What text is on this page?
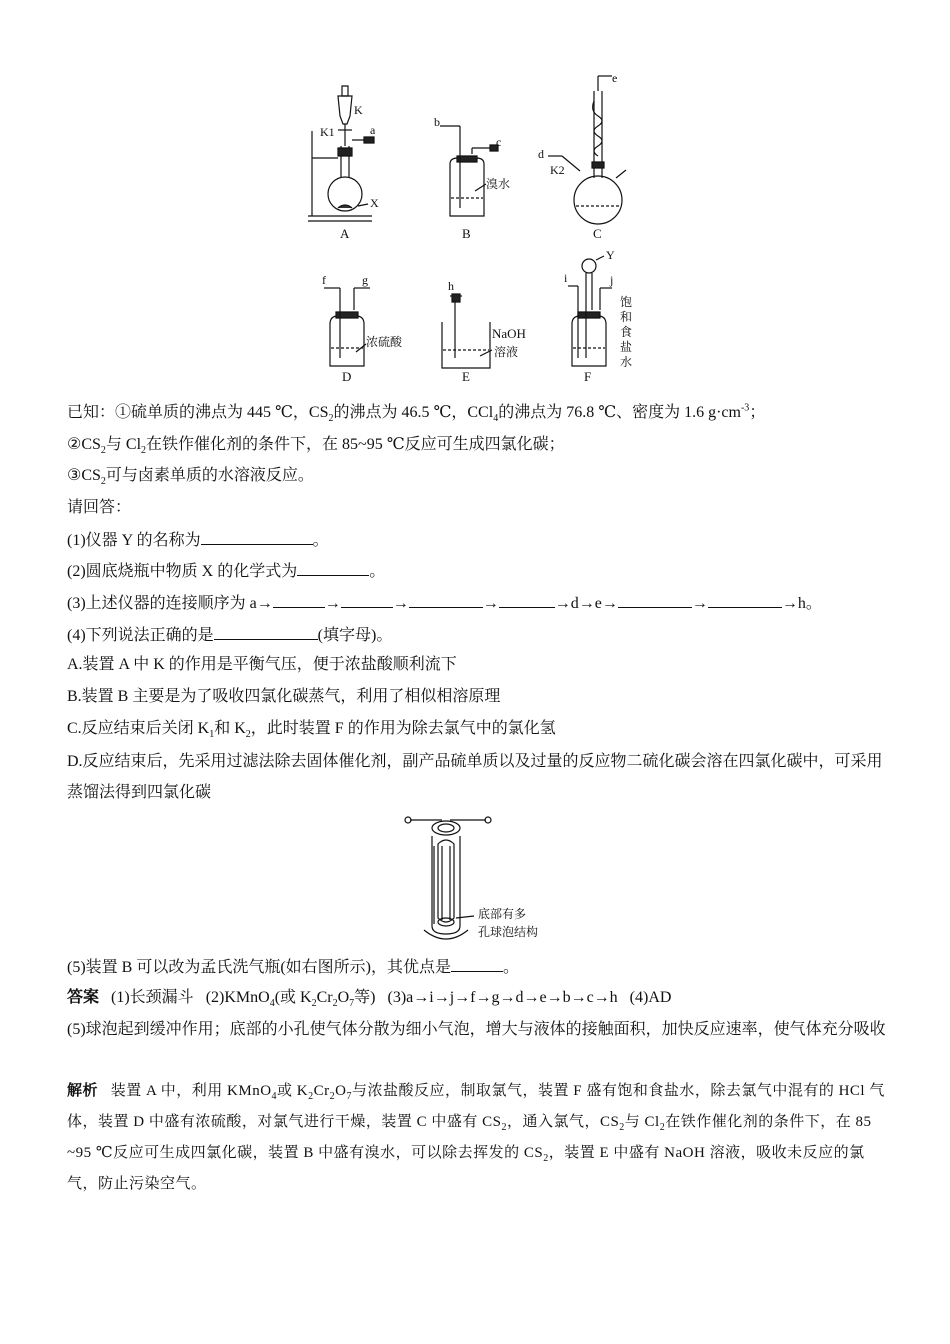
K
K1	a
X
A
b
c
溴水
B
e
d
K2
C
f	g
浓硫酸
D
h
NaOH
溶液
E
i	j
Y
饱
和
食
盐
水
F
已知：①硫单质的沸点为 445 ℃，$CS_2$的沸点为 46.5 ℃，CCl$_4$的沸点为 76.8 ℃、密度为 1.6 $g\cdot cm^{-3}$；
$②CS_2$与 $Cl_2$在铁作催化剂的条件下，在 85~95 ℃反应可生成四氯化碳；
$③CS_2$可与卤素单质的水溶液反应。
请回答：
(1)仪器 Y 的名称为	。
(2)圆底烧瓶中物质 X 的化学式为	。
(3)上述仪器的连接顺序为 a→	→	→	→	→d→e→	→	→h。
(4)下列说法正确的是	(填字母)。
A.装置 A 中 K 的作用是平衡气压，便于浓盐酸顺利流下
B.装置 B 主要是为了吸收四氯化碳蒸气，利用了相似相溶原理
C.反应结束后关闭 $K_1$和 $K_2$，此时装置 F 的作用为除去氯气中的氯化氢
D.反应结束后，先采用过滤法除去固体催化剂，副产品硫单质以及过量的反应物二硫化碳会溶在四氯化碳中，可采用蒸馏法得到四氯化碳
底部有多
孔球泡结构
(5)装置 B 可以改为孟氏洗气瓶(如右图所示)，其优点是	。
答案 (1)长颈漏斗 (2)KMnO$_4$(或 $K_2Cr_2O_7$等) (3)a→i→j→f→g→d→e→b→c→h (4)AD
(5)球泡起到缓冲作用；底部的小孔使气体分散为细小气泡，增大与液体的接触面积，加快反应速率，使气体充分吸收
解析 装置 A 中，利用 KMnO$_4$或 $K_2Cr_2O_7$与浓盐酸反应，制取氯气，装置 F 盛有饱和食盐水，除去氯气中混有的 HCl 气体，装置 D 中盛有浓硫酸，对氯气进行干燥，装置 C 中盛有 $CS_2$，通入氯气，$CS_2$与 $Cl_2$在铁作催化剂的条件下，在 85 ~95 ℃反应可生成四氯化碳，装置 B 中盛有溴水，可以除去挥发的 $CS_2$，装置 E 中盛有 NaOH 溶液，吸收未反应的氯气，防止污染空气。
